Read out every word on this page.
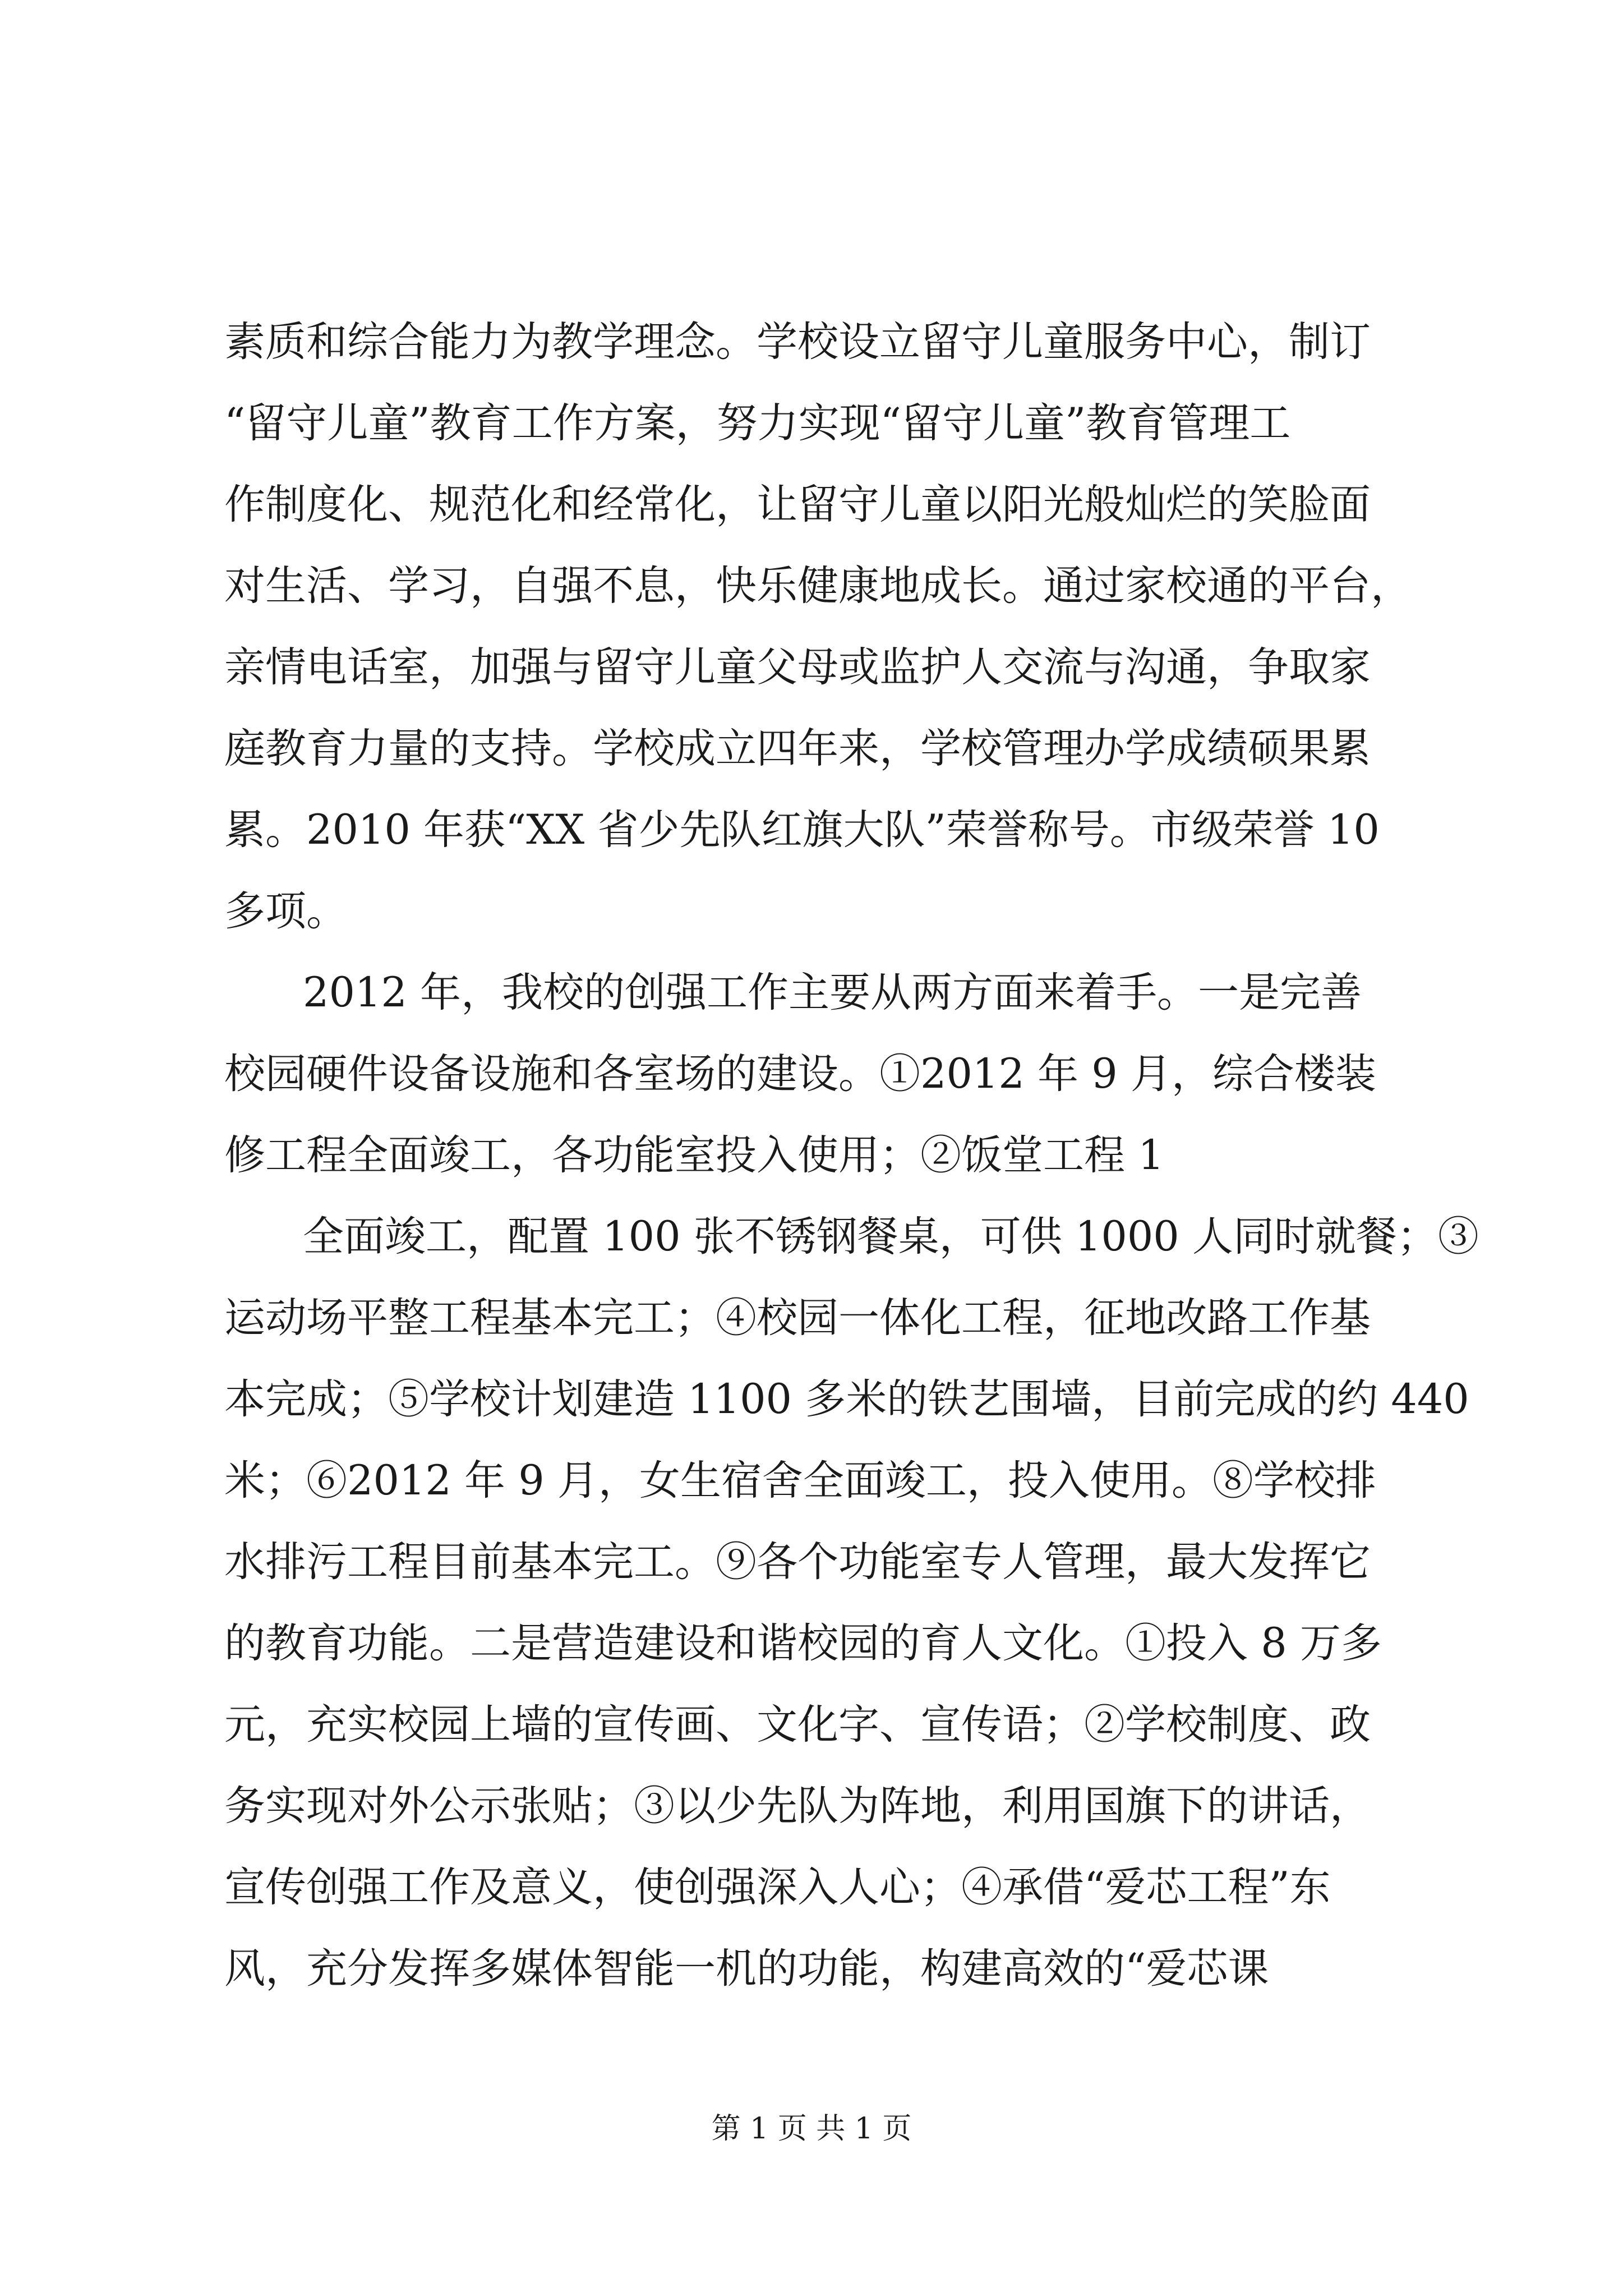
素质和综合能力为教学理念。学校设立留守儿童服务中心，制订
“留守儿童”教育工作方案，努力实现“留守儿童”教育管理工
作制度化、规范化和经常化，让留守儿童以阳光般灿烂的笑脸面
对生活、学习，自强不息，快乐健康地成长。通过家校通的平台，
亲情电话室，加强与留守儿童父母或监护人交流与沟通，争取家
庭教育力量的支持。学校成立四年来，学校管理办学成绩硕果累
累。2010 年获“XX 省少先队红旗大队”荣誉称号。市级荣誉 10
多项。
2012 年，我校的创强工作主要从两方面来着手。一是完善
校园硬件设备设施和各室场的建设。①2012 年 9 月，综合楼装
修工程全面竣工，各功能室投入使用；②饭堂工程 1
全面竣工，配置 100 张不锈钢餐桌，可供 1000 人同时就餐；③
运动场平整工程基本完工；④校园一体化工程，征地改路工作基
本完成；⑤学校计划建造 1100 多米的铁艺围墙，目前完成的约 440
米；⑥2012 年 9 月，女生宿舍全面竣工，投入使用。⑧学校排
水排污工程目前基本完工。⑨各个功能室专人管理，最大发挥它
的教育功能。二是营造建设和谐校园的育人文化。①投入 8 万多
元，充实校园上墙的宣传画、文化字、宣传语；②学校制度、政
务实现对外公示张贴；③以少先队为阵地，利用国旗下的讲话，
宣传创强工作及意义，使创强深入人心；④承借“爱芯工程”东
风，充分发挥多媒体智能一机的功能，构建高效的“爱芯课
第 1 页 共 1 页
